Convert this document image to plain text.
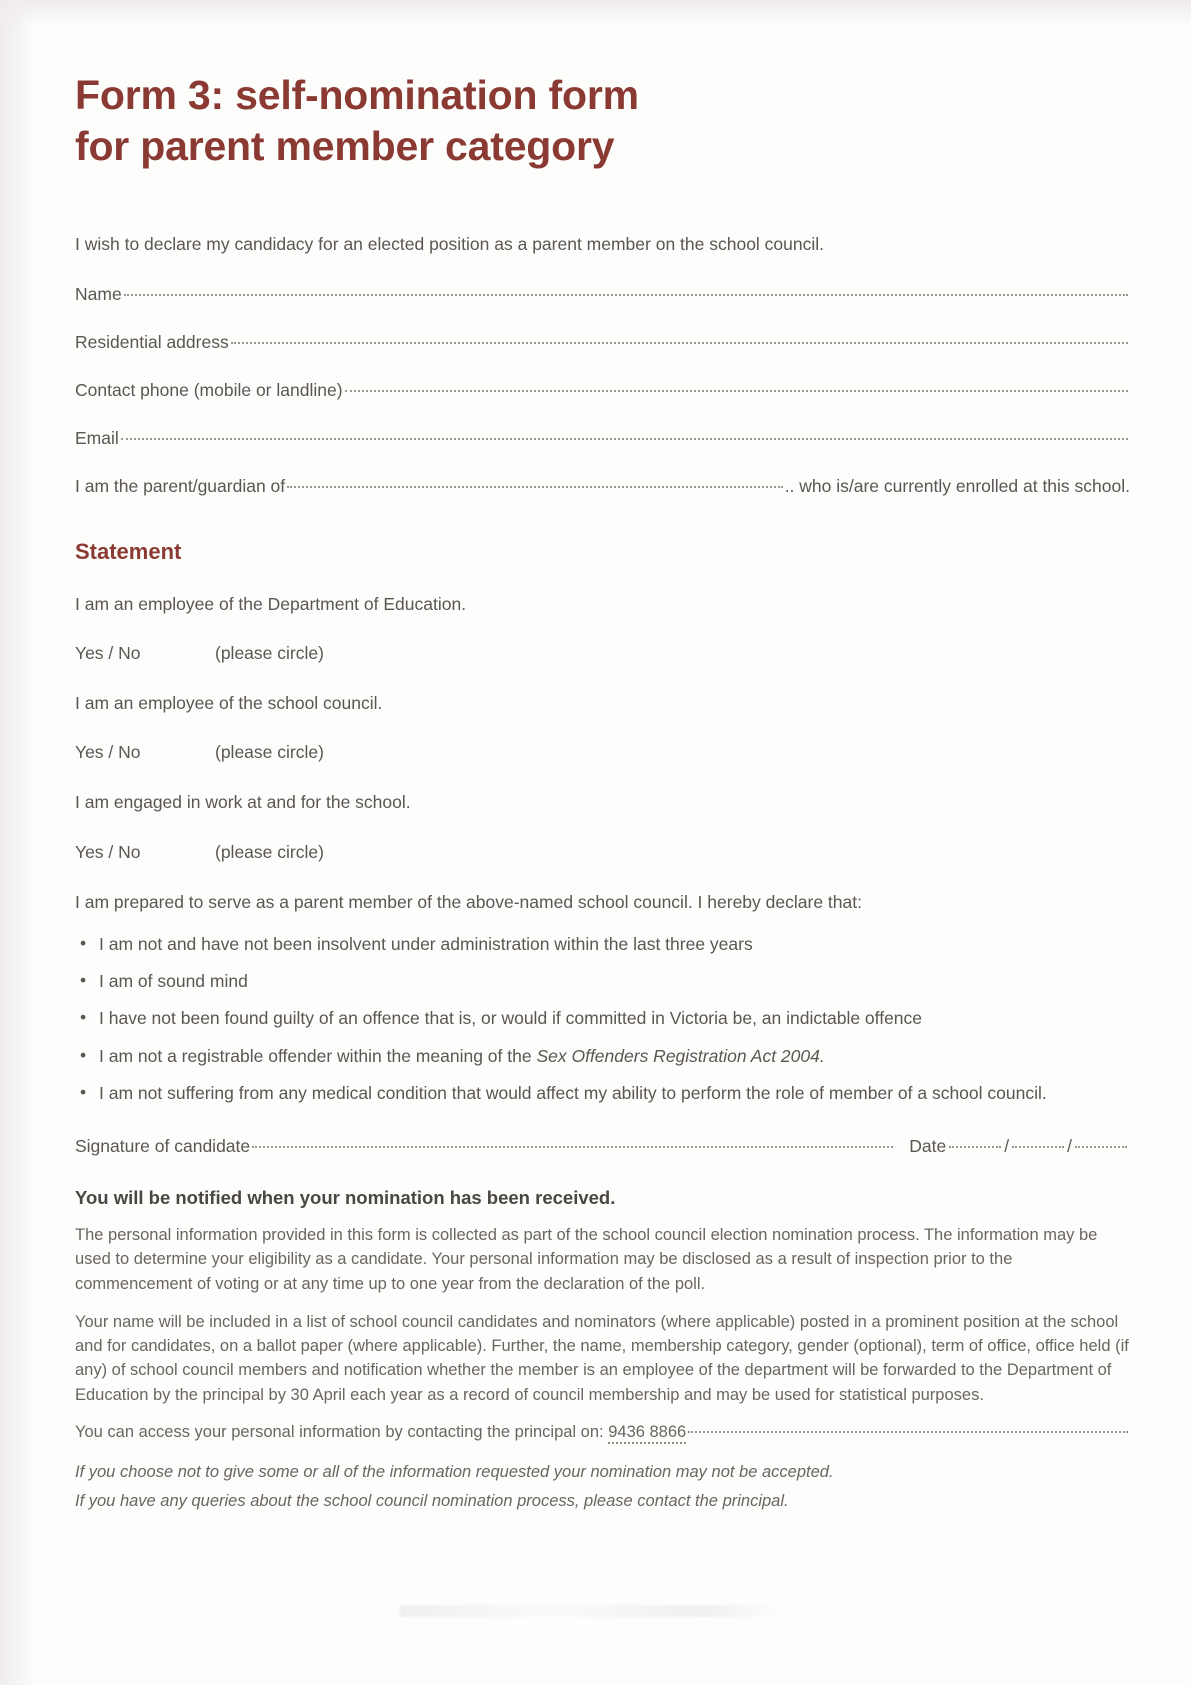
Form 3: self-nomination form
for parent member category
I wish to declare my candidacy for an elected position as a parent member on the school council.
Name
Residential address
Contact phone (mobile or landline)
Email
I am the parent/guardian of	.. who is/are currently enrolled at this school.
Statement
I am an employee of the Department of Education.
Yes / No	(please circle)
I am an employee of the school council.
Yes / No	(please circle)
I am engaged in work at and for the school.
Yes / No	(please circle)
I am prepared to serve as a parent member of the above-named school council. I hereby declare that:
• I am not and have not been insolvent under administration within the last three years
• I am of sound mind
• I have not been found guilty of an offence that is, or would if committed in Victoria be, an indictable offence
• I am not a registrable offender within the meaning of the Sex Offenders Registration Act 2004.
• I am not suffering from any medical condition that would affect my ability to perform the role of member of a school council.
Signature of candidate	Date	/	/
You will be notified when your nomination has been received.
The personal information provided in this form is collected as part of the school council election nomination process. The information may be used to determine your eligibility as a candidate. Your personal information may be disclosed as a result of inspection prior to the commencement of voting or at any time up to one year from the declaration of the poll.
Your name will be included in a list of school council candidates and nominators (where applicable) posted in a prominent position at the school and for candidates, on a ballot paper (where applicable). Further, the name, membership category, gender (optional), term of office, office held (if any) of school council members and notification whether the member is an employee of the department will be forwarded to the Department of Education by the principal by 30 April each year as a record of council membership and may be used for statistical purposes.
You can access your personal information by contacting the principal on:
9436 8866
If you choose not to give some or all of the information requested your nomination may not be accepted.
If you have any queries about the school council nomination process, please contact the principal.
